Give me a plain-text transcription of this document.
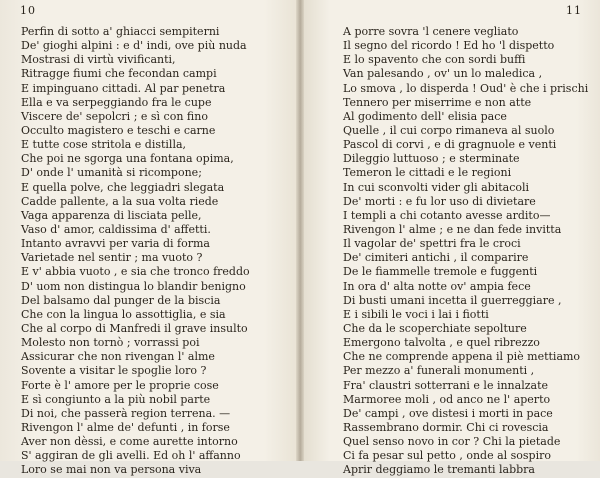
10
Perfin di sotto a' ghiacci sempiterni
De' gioghi alpini : e d' indi, ove più nuda
Mostrasi di virtù vivificanti,
Ritragge fiumi che fecondan campi
E impinguano cittadi. Al par penetra
Ella e va serpeggiando fra le cupe
Viscere de' sepolcri ; e sì con fino
Occulto magistero e teschi e carne
E tutte cose stritola e distilla,
Che poi ne sgorga una fontana opima,
D' onde l' umanità si ricompone;
E quella polve, che leggiadri slegata
Cadde pallente, a la sua volta riede
Vaga apparenza di lisciata pelle,
Vaso d' amor, caldissima d' affetti.
Intanto avravvi per varia di forma
Varietade nel sentir ; ma vuoto ?
E v' abbia vuoto , e sia che tronco freddo
D' uom non distingua lo blandir benigno
Del balsamo dal punger de la biscia
Che con la lingua lo assottiglia, e sia
Che al corpo di Manfredi il grave insulto
Molesto non tornò ; vorrassi poi
Assicurar che non rivengan l' alme
Sovente a visitar le spoglie loro ?
Forte è l' amore per le proprie cose
E sì congiunto a la più nobil parte
Di noi, che passerà region terrena. —
Rivengon l' alme de' defunti , in forse
Aver non dèssi, e come aurette intorno
S' aggiran de gli avelli. Ed oh l' affanno
Loro se mai non va persona viva
11
A porre sovra 'l cenere vegliato
Il segno del ricordo ! Ed ho 'l dispetto
E lo spavento che con sordi buffi
Van palesando , ov' un lo maledica ,
Lo smova , lo disperda ! Oud' è che i prischi
Tennero per miserrime e non atte
Al godimento dell' elisia pace
Quelle , il cui corpo rimaneva al suolo
Pascol di corvi , e di gragnuole e venti
Dileggio luttuoso ; e sterminate
Temeron le cittadi e le regioni
In cui sconvolti vider gli abitacoli
De' morti : e fu lor uso di divietare
I templi a chi cotanto avesse ardito—
Rivengon l' alme ; e ne dan fede invitta
Il vagolar de' spettri fra le croci
De' cimiteri antichi , il comparire
De le fiammelle tremole e fuggenti
In ora d' alta notte ov' ampia fece
Di busti umani incetta il guerreggiare ,
E i sibili le voci i lai i fiotti
Che da le scoperchiate sepolture
Emergono talvolta , e quel ribrezzo
Che ne comprende appena il piè mettiamo
Per mezzo a' funerali monumenti ,
Fra' claustri sotterrani e le innalzate
Marmoree moli , od anco ne l' aperto
De' campi , ove distesi i morti in pace
Rassembrano dormir. Chi ci rovescia
Quel senso novo in cor ? Chi la pietade
Ci fa pesar sul petto , onde al sospiro
Aprir deggiamo le tremanti labbra
